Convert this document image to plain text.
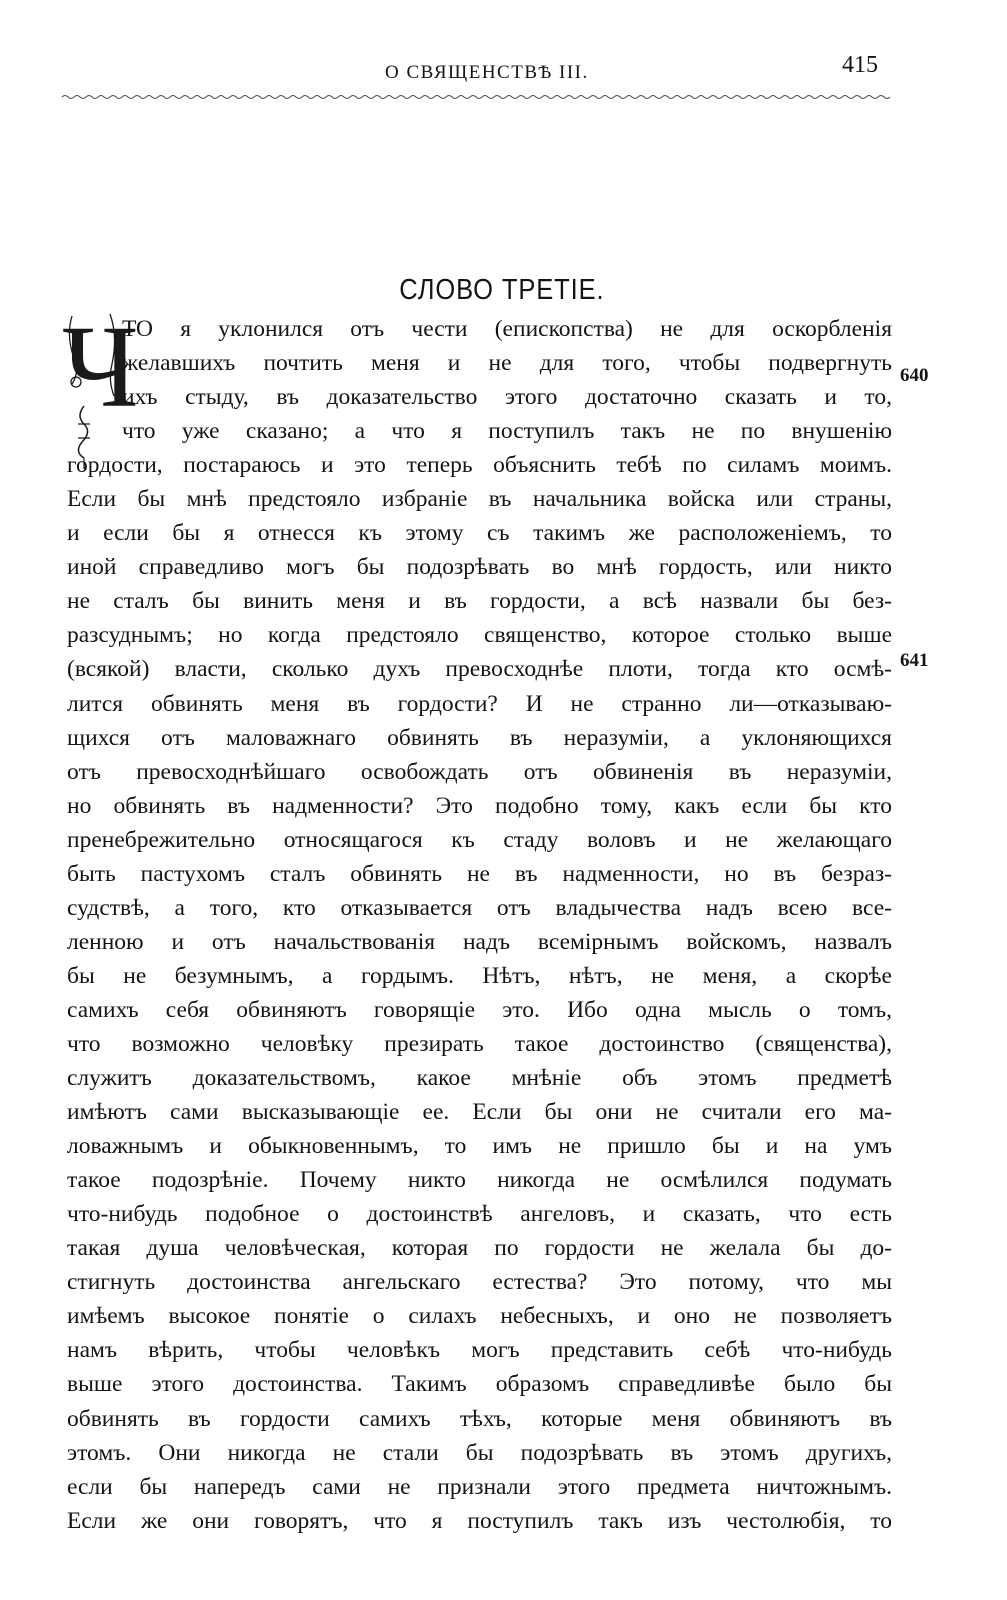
О СВЯЩЕНСТВѢ III.	415
СЛОВО ТРЕТІЕ.
Ч
ТО я уклонился отъ чести (епископства) не для оскорбленія
желавшихъ почтить меня и не для того, чтобы подвергнуть
ихъ стыду, въ доказательство этого достаточно сказать и то,
что уже сказано; а что я поступилъ такъ не по внушенію
гордости, постараюсь и это теперь объяснить тебѣ по силамъ моимъ.
Если бы мнѣ предстояло избраніе въ начальника войска или страны,
и если бы я отнесся къ этому съ такимъ же расположеніемъ, то
иной справедливо могъ бы подозрѣвать во мнѣ гордость, или никто
не сталъ бы винить меня и въ гордости, а всѣ назвали бы без-
разсуднымъ; но когда предстояло священство, которое столько выше
(всякой) власти, сколько духъ превосходнѣе плоти, тогда кто осмѣ-
лится обвинять меня въ гордости? И не странно ли—отказываю-
щихся отъ маловажнаго обвинять въ неразуміи, а уклоняющихся
отъ превосходнѣйшаго освобождать отъ обвиненія въ неразуміи,
но обвинять въ надменности? Это подобно тому, какъ если бы кто
пренебрежительно относящагося къ стаду воловъ и не желающаго
быть пастухомъ сталъ обвинять не въ надменности, но въ безраз-
судствѣ, а того, кто отказывается отъ владычества надъ всею все-
ленною и отъ начальствованія надъ всемірнымъ войскомъ, назвалъ
бы не безумнымъ, а гордымъ. Нѣтъ, нѣтъ, не меня, а скорѣе
самихъ себя обвиняютъ говорящіе это. Ибо одна мысль о томъ,
что возможно человѣку презирать такое достоинство (священства),
служитъ доказательствомъ, какое мнѣніе объ этомъ предметѣ
имѣютъ сами высказывающіе ее. Если бы они не считали его ма-
ловажнымъ и обыкновеннымъ, то имъ не пришло бы и на умъ
такое подозрѣніе. Почему никто никогда не осмѣлился подумать
что-нибудь подобное о достоинствѣ ангеловъ, и сказать, что есть
такая душа человѣческая, которая по гордости не желала бы до-
стигнуть достоинства ангельскаго естества? Это потому, что мы
имѣемъ высокое понятіе о силахъ небесныхъ, и оно не позволяетъ
намъ вѣрить, чтобы человѣкъ могъ представить себѣ что-нибудь
выше этого достоинства. Такимъ образомъ справедливѣе было бы
обвинять въ гордости самихъ тѣхъ, которые меня обвиняютъ въ
этомъ. Они никогда не стали бы подозрѣвать въ этомъ другихъ,
если бы напередъ сами не признали этого предмета ничтожнымъ.
Если же они говорятъ, что я поступилъ такъ изъ честолюбія, то
640
641
